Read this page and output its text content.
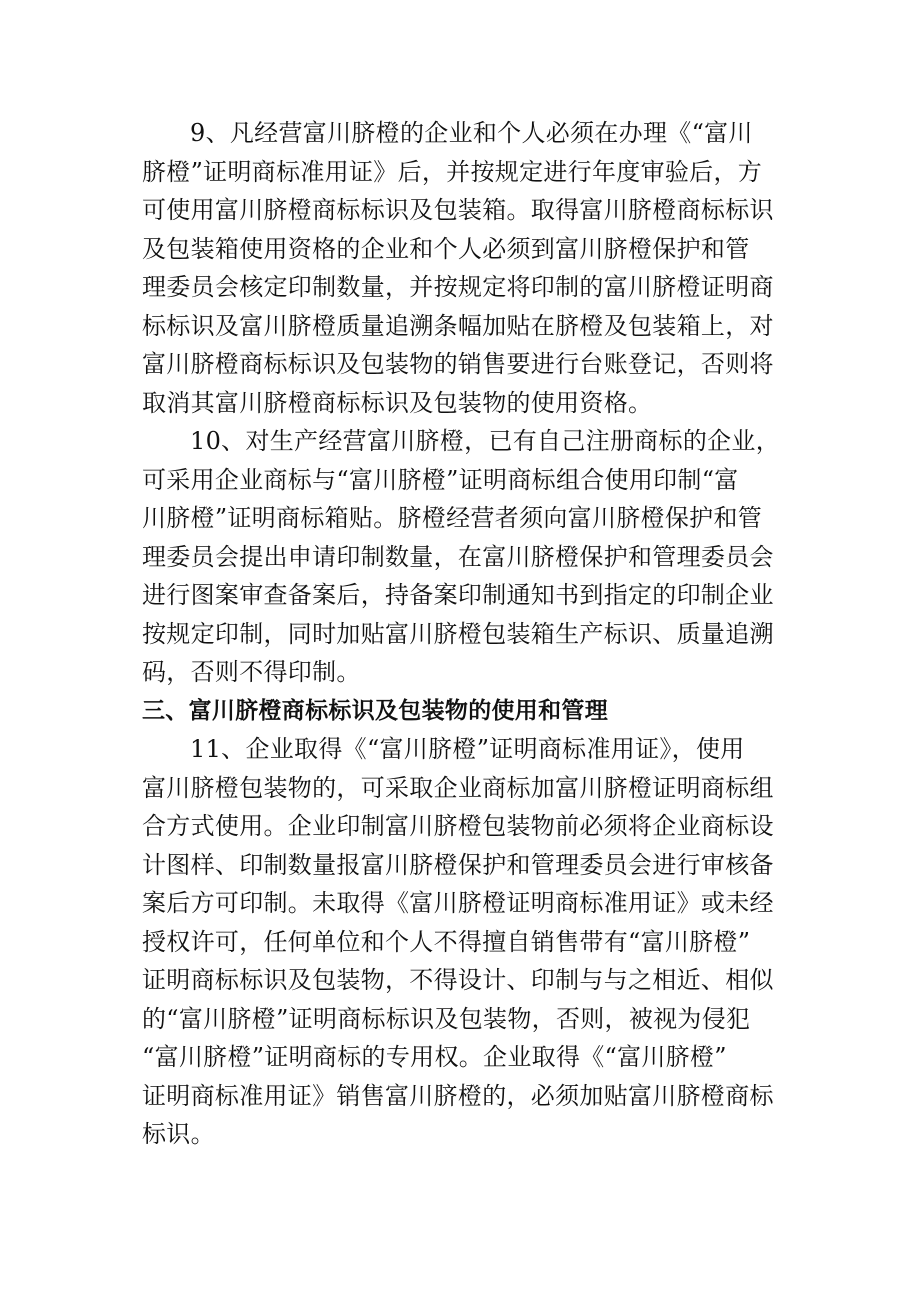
9、凡经营富川脐橙的企业和个人必须在办理《“富川
脐橙”证明商标准用证》后，并按规定进行年度审验后，方
可使用富川脐橙商标标识及包装箱。取得富川脐橙商标标识
及包装箱使用资格的企业和个人必须到富川脐橙保护和管
理委员会核定印制数量，并按规定将印制的富川脐橙证明商
标标识及富川脐橙质量追溯条幅加贴在脐橙及包装箱上，对
富川脐橙商标标识及包装物的销售要进行台账登记，否则将
取消其富川脐橙商标标识及包装物的使用资格。
10、对生产经营富川脐橙，已有自己注册商标的企业，
可采用企业商标与“富川脐橙”证明商标组合使用印制“富
川脐橙”证明商标箱贴。脐橙经营者须向富川脐橙保护和管
理委员会提出申请印制数量，在富川脐橙保护和管理委员会
进行图案审查备案后，持备案印制通知书到指定的印制企业
按规定印制，同时加贴富川脐橙包装箱生产标识、质量追溯
码，否则不得印制。
三、富川脐橙商标标识及包装物的使用和管理
11、企业取得《“富川脐橙”证明商标准用证》，使用
富川脐橙包装物的，可采取企业商标加富川脐橙证明商标组
合方式使用。企业印制富川脐橙包装物前必须将企业商标设
计图样、印制数量报富川脐橙保护和管理委员会进行审核备
案后方可印制。未取得《富川脐橙证明商标准用证》或未经
授权许可，任何单位和个人不得擅自销售带有“富川脐橙”
证明商标标识及包装物，不得设计、印制与与之相近、相似
的“富川脐橙”证明商标标识及包装物，否则，被视为侵犯
“富川脐橙”证明商标的专用权。企业取得《“富川脐橙”
证明商标准用证》销售富川脐橙的，必须加贴富川脐橙商标
标识。
